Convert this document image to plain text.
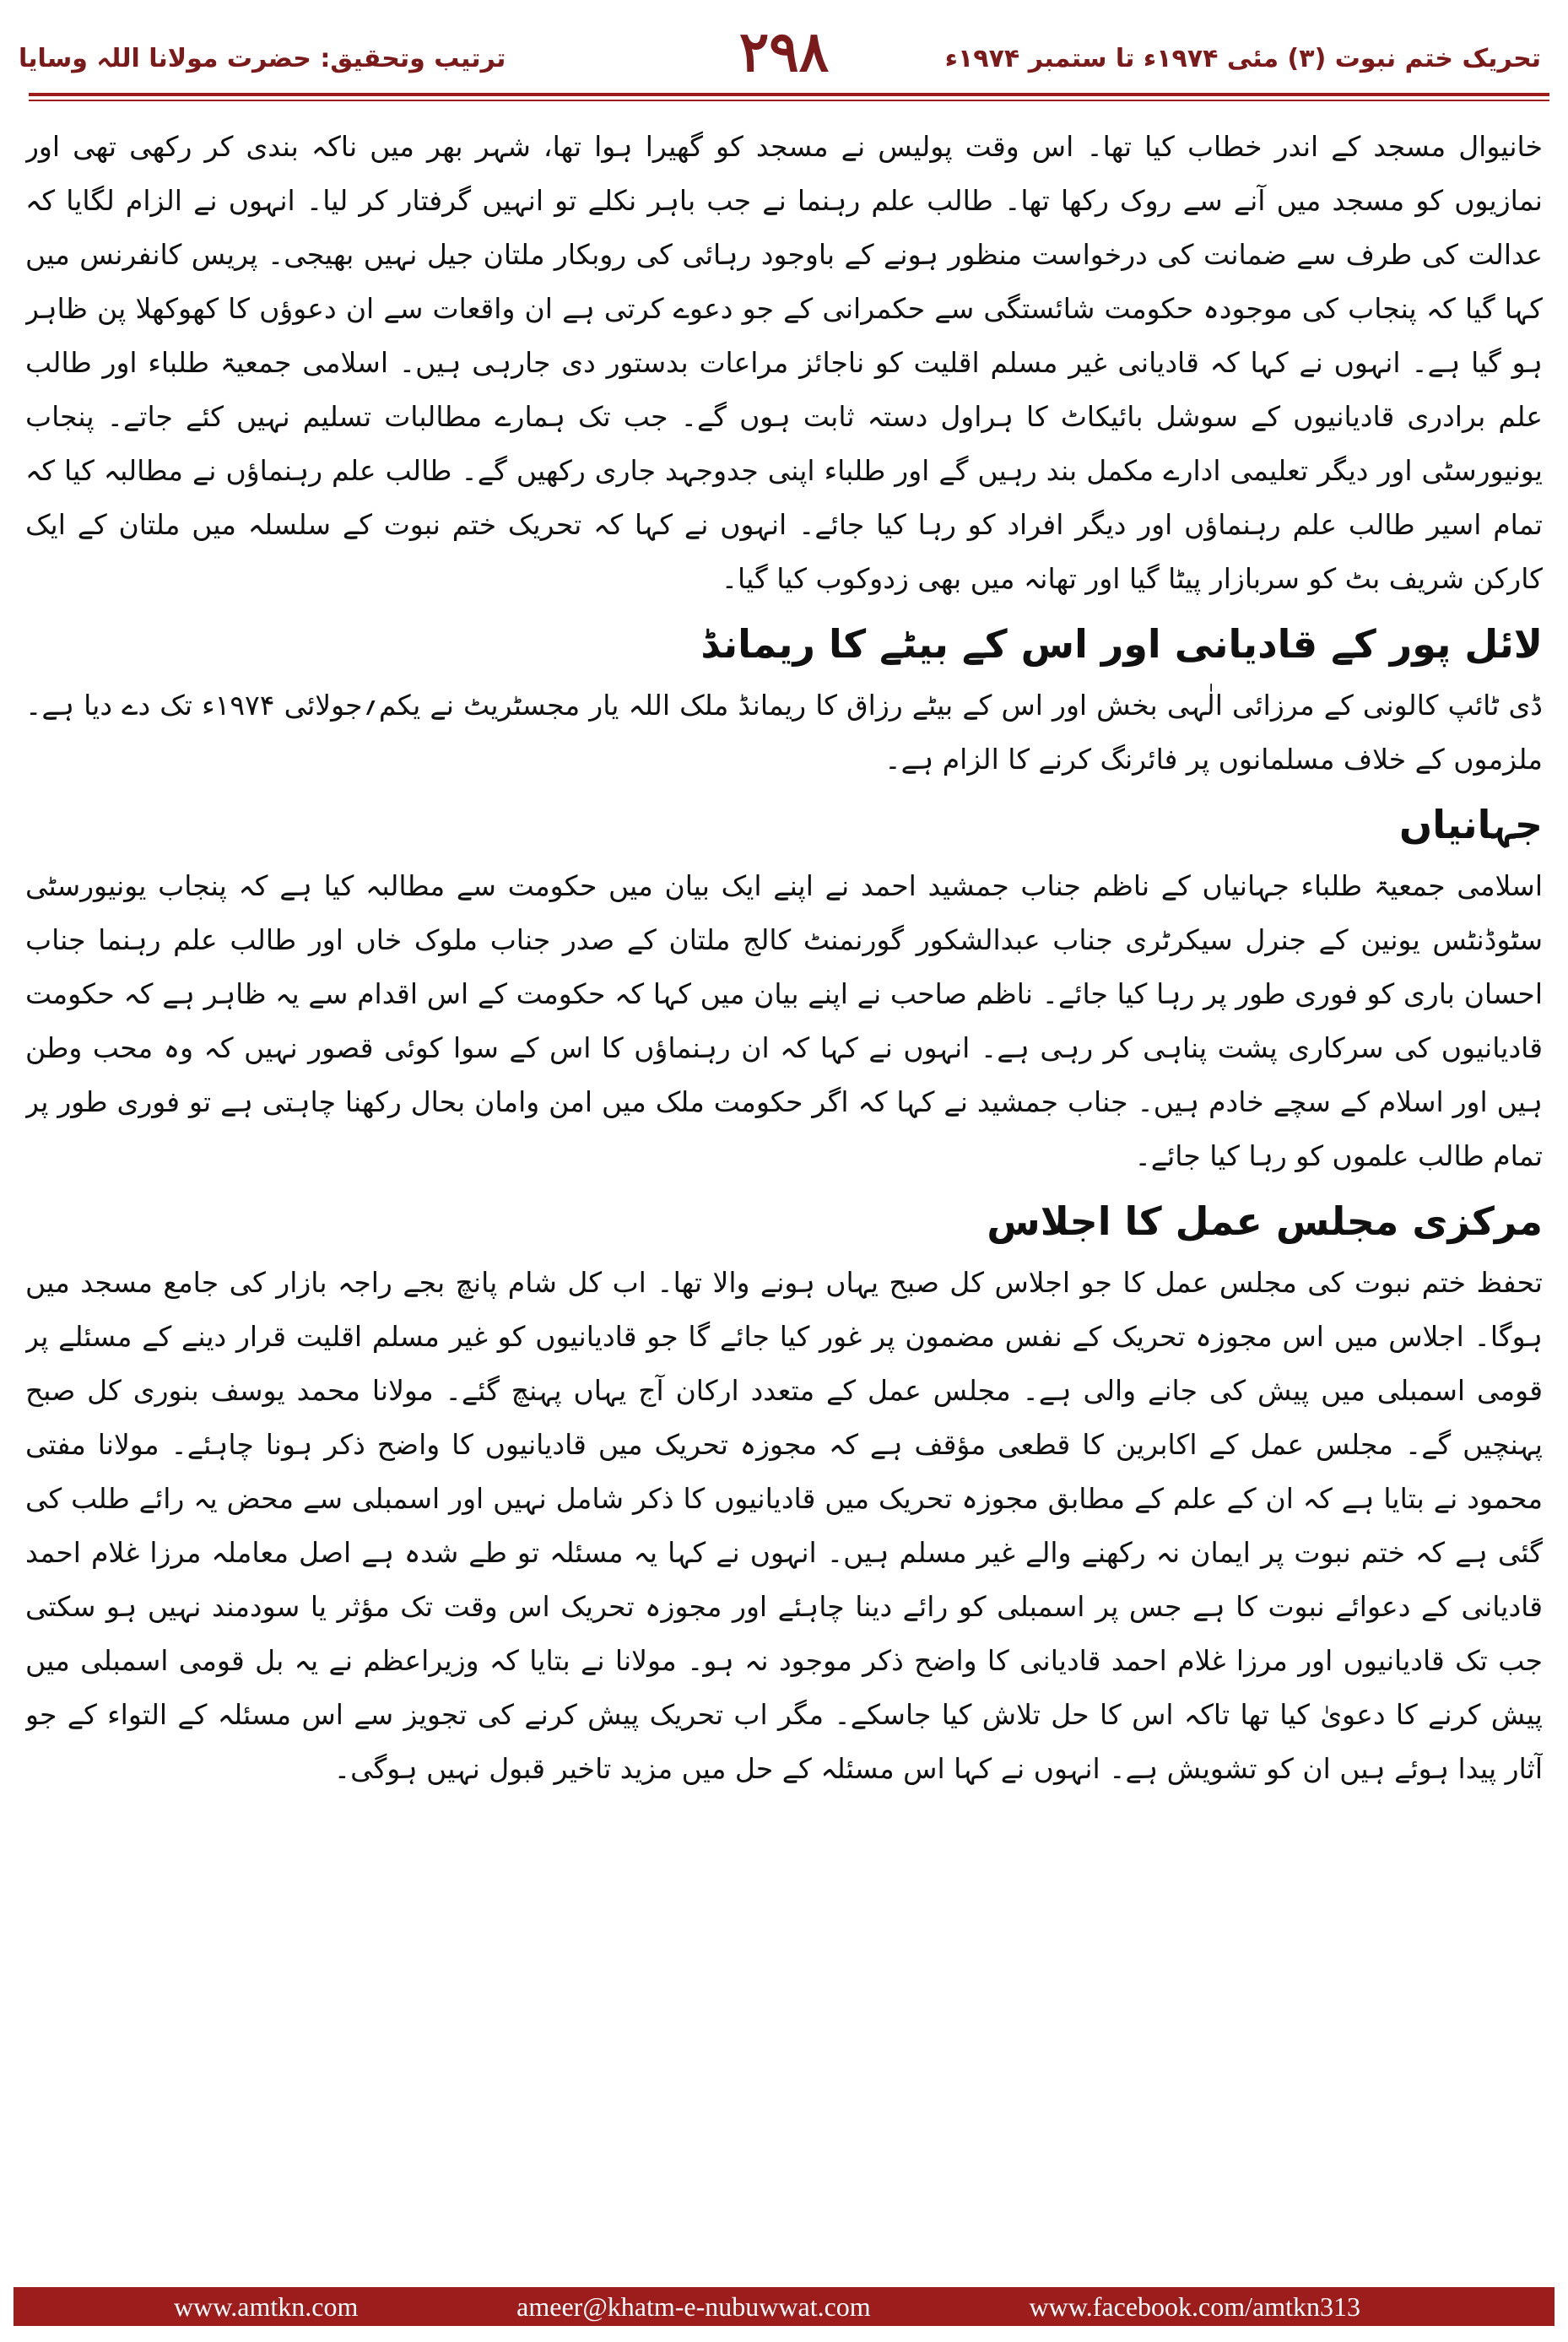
تحریک ختم نبوت (۳) مئی ۱۹۷۴ء تا ستمبر ۱۹۷۴ء
۲۹۸
ترتیب وتحقیق: حضرت مولانا اللہ وسایا

خانیوال مسجد کے اندر خطاب کیا تھا۔ اس وقت پولیس نے مسجد کو گھیرا ہوا تھا، شہر بھر میں ناکہ بندی کر رکھی تھی اور نمازیوں کو مسجد میں آنے سے روک رکھا تھا۔ طالب علم رہنما نے جب باہر نکلے تو انہیں گرفتار کر لیا۔ انہوں نے الزام لگایا کہ عدالت کی طرف سے ضمانت کی درخواست منظور ہونے کے باوجود رہائی کی روبکار ملتان جیل نہیں بھیجی۔ پریس کانفرنس میں کہا گیا کہ پنجاب کی موجودہ حکومت شائستگی سے حکمرانی کے جو دعوے کرتی ہے ان واقعات سے ان دعوؤں کا کھوکھلا پن ظاہر ہو گیا ہے۔ انہوں نے کہا کہ قادیانی غیر مسلم اقلیت کو ناجائز مراعات بدستور دی جارہی ہیں۔ اسلامی جمعیۃ طلباء اور طالب علم برادری قادیانیوں کے سوشل بائیکاٹ کا ہراول دستہ ثابت ہوں گے۔ جب تک ہمارے مطالبات تسلیم نہیں کئے جاتے۔ پنجاب یونیورسٹی اور دیگر تعلیمی ادارے مکمل بند رہیں گے اور طلباء اپنی جدوجہد جاری رکھیں گے۔ طالب علم رہنماؤں نے مطالبہ کیا کہ تمام اسیر طالب علم رہنماؤں اور دیگر افراد کو رہا کیا جائے۔ انہوں نے کہا کہ تحریک ختم نبوت کے سلسلہ میں ملتان کے ایک کارکن شریف بٹ کو سربازار پیٹا گیا اور تھانہ میں بھی زدوکوب کیا گیا۔

لائل پور کے قادیانی اور اس کے بیٹے کا ریمانڈ

ڈی ٹائپ کالونی کے مرزائی الٰہی بخش اور اس کے بیٹے رزاق کا ریمانڈ ملک اللہ یار مجسٹریٹ نے یکم؍جولائی ۱۹۷۴ء تک دے دیا ہے۔ ملزموں کے خلاف مسلمانوں پر فائرنگ کرنے کا الزام ہے۔

جہانیاں

اسلامی جمعیۃ طلباء جہانیاں کے ناظم جناب جمشید احمد نے اپنے ایک بیان میں حکومت سے مطالبہ کیا ہے کہ پنجاب یونیورسٹی سٹوڈنٹس یونین کے جنرل سیکرٹری جناب عبدالشکور گورنمنٹ کالج ملتان کے صدر جناب ملوک خاں اور طالب علم رہنما جناب احسان باری کو فوری طور پر رہا کیا جائے۔ ناظم صاحب نے اپنے بیان میں کہا کہ حکومت کے اس اقدام سے یہ ظاہر ہے کہ حکومت قادیانیوں کی سرکاری پشت پناہی کر رہی ہے۔ انہوں نے کہا کہ ان رہنماؤں کا اس کے سوا کوئی قصور نہیں کہ وہ محب وطن ہیں اور اسلام کے سچے خادم ہیں۔ جناب جمشید نے کہا کہ اگر حکومت ملک میں امن وامان بحال رکھنا چاہتی ہے تو فوری طور پر تمام طالب علموں کو رہا کیا جائے۔

مرکزی مجلس عمل کا اجلاس

تحفظ ختم نبوت کی مجلس عمل کا جو اجلاس کل صبح یہاں ہونے والا تھا۔ اب کل شام پانچ بجے راجہ بازار کی جامع مسجد میں ہوگا۔ اجلاس میں اس مجوزہ تحریک کے نفس مضمون پر غور کیا جائے گا جو قادیانیوں کو غیر مسلم اقلیت قرار دینے کے مسئلے پر قومی اسمبلی میں پیش کی جانے والی ہے۔ مجلس عمل کے متعدد ارکان آج یہاں پہنچ گئے۔ مولانا محمد یوسف بنوری کل صبح پہنچیں گے۔ مجلس عمل کے اکابرین کا قطعی مؤقف ہے کہ مجوزہ تحریک میں قادیانیوں کا واضح ذکر ہونا چاہئے۔ مولانا مفتی محمود نے بتایا ہے کہ ان کے علم کے مطابق مجوزہ تحریک میں قادیانیوں کا ذکر شامل نہیں اور اسمبلی سے محض یہ رائے طلب کی گئی ہے کہ ختم نبوت پر ایمان نہ رکھنے والے غیر مسلم ہیں۔ انہوں نے کہا یہ مسئلہ تو طے شدہ ہے اصل معاملہ مرزا غلام احمد قادیانی کے دعوائے نبوت کا ہے جس پر اسمبلی کو رائے دینا چاہئے اور مجوزہ تحریک اس وقت تک مؤثر یا سودمند نہیں ہو سکتی جب تک قادیانیوں اور مرزا غلام احمد قادیانی کا واضح ذکر موجود نہ ہو۔ مولانا نے بتایا کہ وزیراعظم نے یہ بل قومی اسمبلی میں پیش کرنے کا دعویٰ کیا تھا تاکہ اس کا حل تلاش کیا جاسکے۔ مگر اب تحریک پیش کرنے کی تجویز سے اس مسئلہ کے التواء کے جو آثار پیدا ہوئے ہیں ان کو تشویش ہے۔ انہوں نے کہا اس مسئلہ کے حل میں مزید تاخیر قبول نہیں ہوگی۔

www.amtkn.com	ameer@khatm-e-nubuwwat.com	www.facebook.com/amtkn313
